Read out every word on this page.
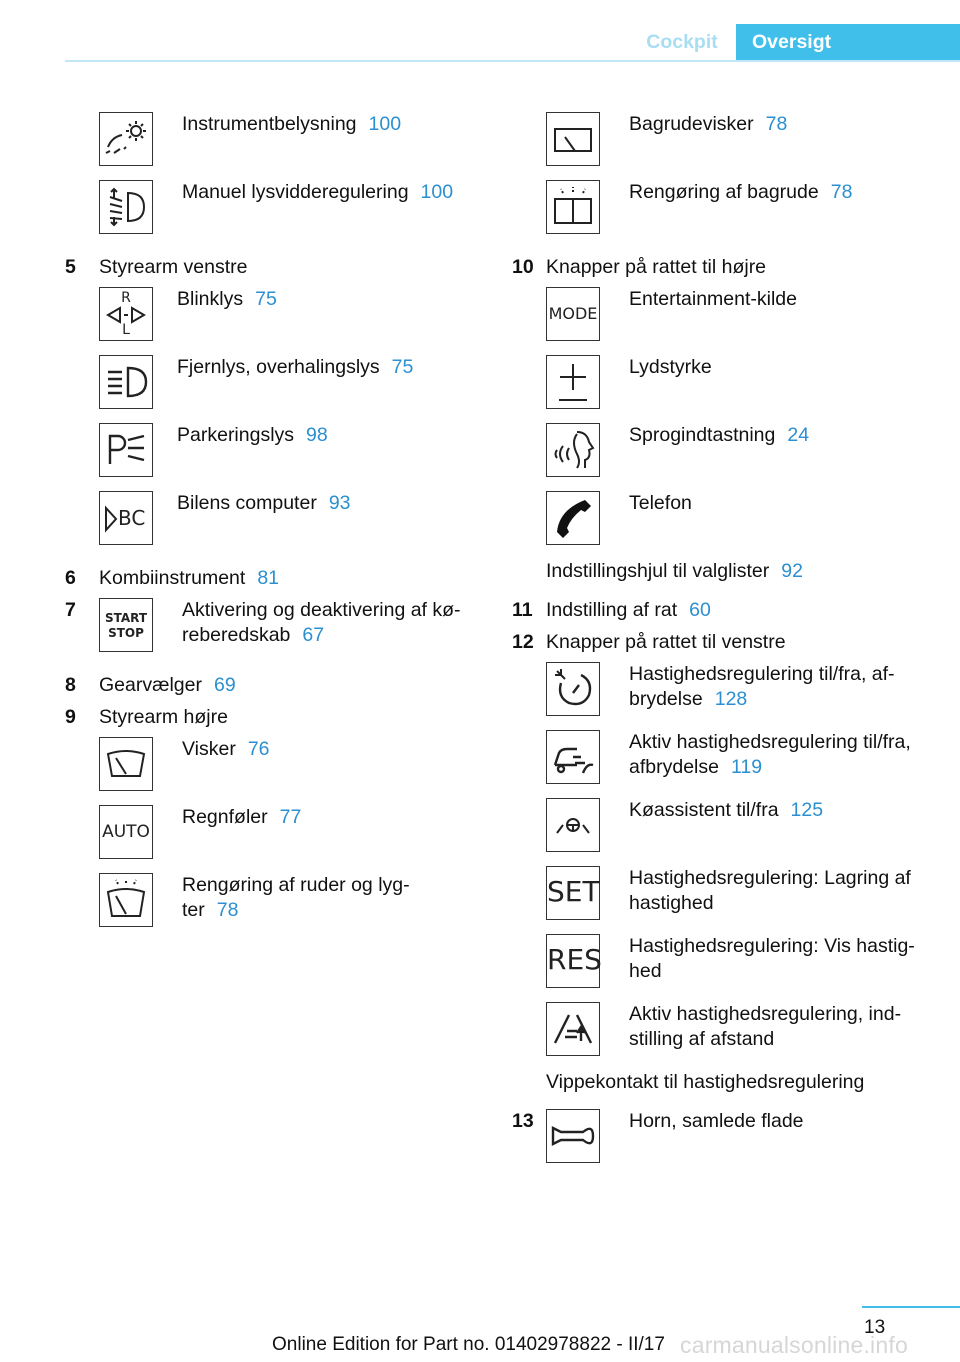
Cockpit	Oversigt
Instrumentbelysning 100
Manuel lysvidderegulering 100
5 Styrearm venstre
R
L
Blinklys 75
Fjernlys, overhalingslys 75
Parkeringslys 98
BC
Bilens computer 93
6 Kombiinstrument 81
7	START
STOP
Aktivering og deaktivering af kø-
reberedskab 67
8 Gearvælger 69
9 Styrearm højre
Visker 76
AUTO
Regnføler 77
Rengøring af ruder og lyg-
ter 78
Bagrudevisker 78
Rengøring af bagrude 78
10 Knapper på rattet til højre
MODE
Entertainment-kilde
Lydstyrke
Sprogindtastning 24
Telefon
Indstillingshjul til valglister 92
11 Indstilling af rat 60
12 Knapper på rattet til venstre
Hastighedsregulering til/fra, af-
brydelse 128
Aktiv hastighedsregulering til/fra,
afbrydelse 119
Køassistent til/fra 125
SET Hastighedsregulering: Lagring af
hastighed
RES Hastighedsregulering: Vis hastig-
hed
Aktiv hastighedsregulering, ind-
stilling af afstand
Vippekontakt til hastighedsregulering
13	Horn, samlede flade
13
Online Edition for Part no. 01402978822 - II/17 carmanualsonline.info
